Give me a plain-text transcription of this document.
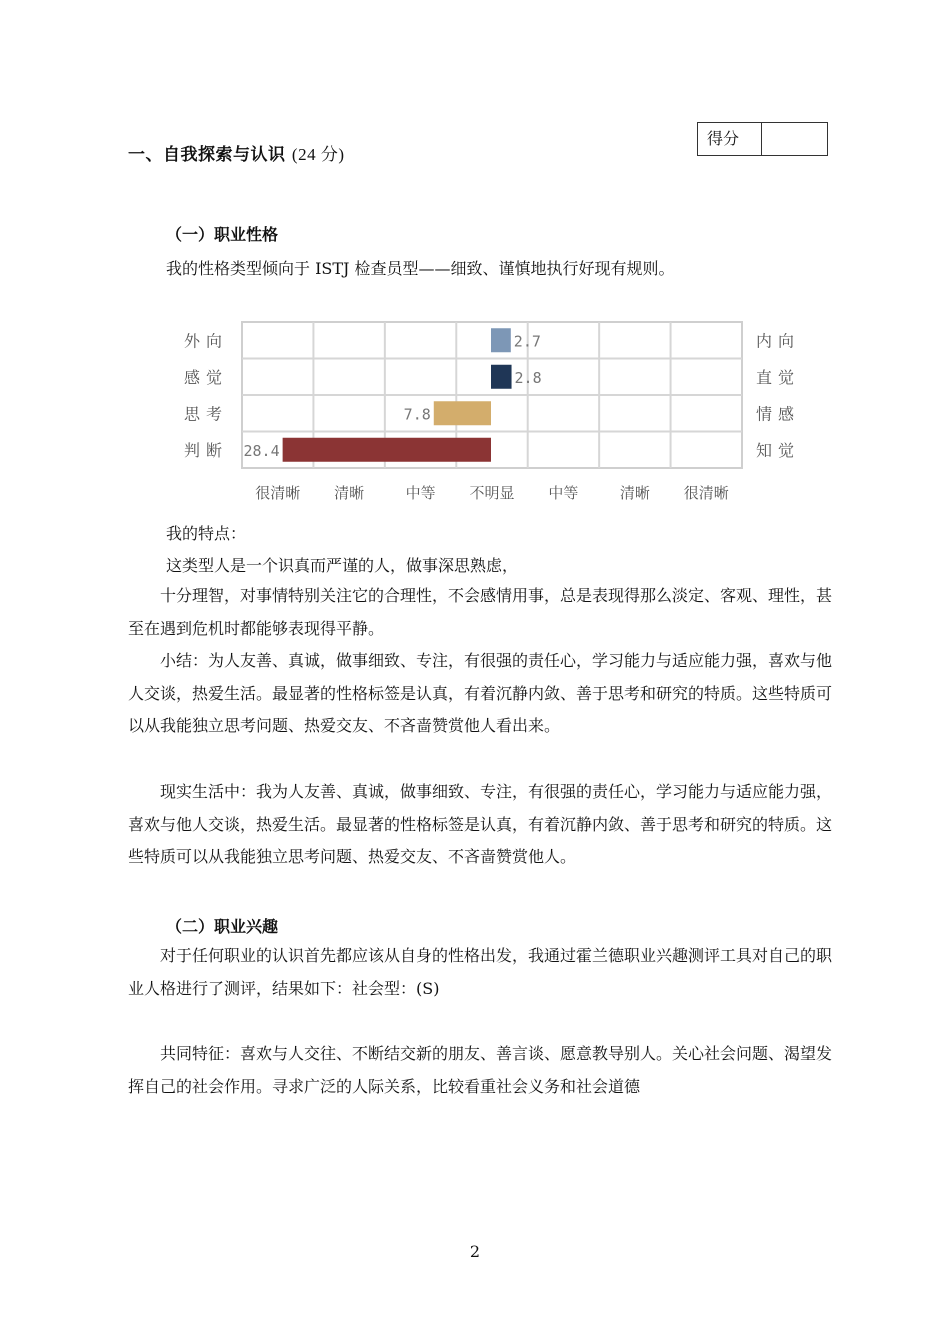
一、自我探索与认识 (24 分)
得分
（一）职业性格
我的性格类型倾向于 ISTJ 检查员型——细致、谨慎地执行好现有规则。
外向	内向
2.7
感觉	直觉
2.8
思考	情感
7.8
判断	知觉
28.4
很清晰 清晰	中等 不明显 中等	清晰 很清晰
我的特点：
这类型人是一个识真而严谨的人，做事深思熟虑，
十分理智，对事情特别关注它的合理性，不会感情用事，总是表现得那么淡定、客观、理性，甚至在遇到危机时都能够表现得平静。
小结：为人友善、真诚，做事细致、专注，有很强的责任心，学习能力与适应能力强，喜欢与他人交谈，热爱生活。最显著的性格标签是认真，有着沉静内敛、善于思考和研究的特质。这些特质可以从我能独立思考问题、热爱交友、不吝啬赞赏他人看出来。
现实生活中：我为人友善、真诚，做事细致、专注，有很强的责任心，学习能力与适应能力强，喜欢与他人交谈，热爱生活。最显著的性格标签是认真，有着沉静内敛、善于思考和研究的特质。这些特质可以从我能独立思考问题、热爱交友、不吝啬赞赏他人。
（二）职业兴趣
对于任何职业的认识首先都应该从自身的性格出发，我通过霍兰德职业兴趣测评工具对自己的职业人格进行了测评，结果如下：社会型：(S)
共同特征：喜欢与人交往、不断结交新的朋友、善言谈、愿意教导别人。关心社会问题、渴望发挥自己的社会作用。寻求广泛的人际关系，比较看重社会义务和社会道德
2
